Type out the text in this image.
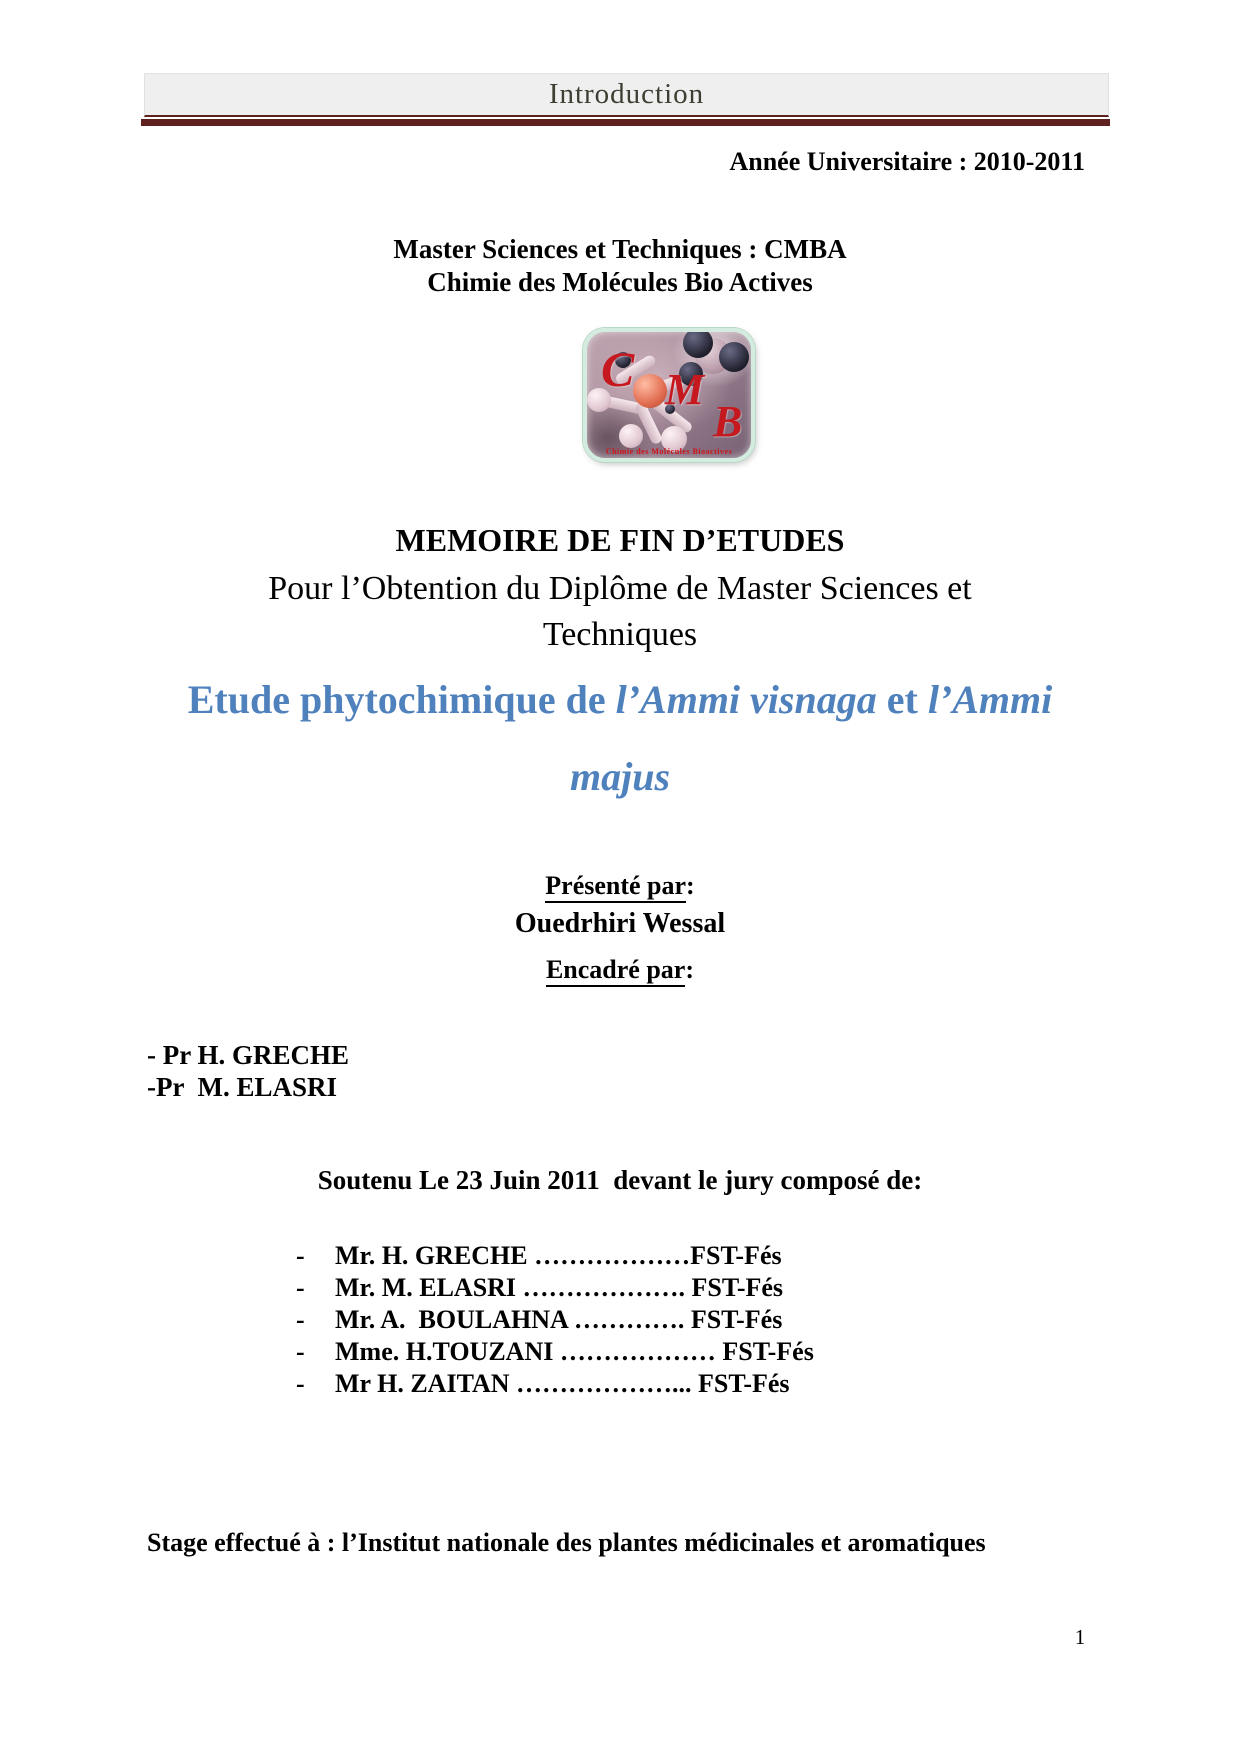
Introduction
Année Universitaire : 2010-2011
Master Sciences et Techniques : CMBA
Chimie des Molécules Bio Actives
C M
B
Chimie des Molécules Bioactives
MEMOIRE DE FIN D’ETUDES
Pour l’Obtention du Diplôme de Master Sciences et
Techniques
Etude phytochimique de l’Ammi visnaga et l’Ammi
majus
Présenté par:
Ouedrhiri Wessal
Encadré par:
- Pr H. GRECHE
-Pr  M. ELASRI
Soutenu Le 23 Juin 2011  devant le jury composé de:
-	Mr. H. GRECHE ………………FST-Fés
-	Mr. M. ELASRI ………………. FST-Fés
-	Mr. A.  BOULAHNA …………. FST-Fés
-	Mme. H.TOUZANI ……………… FST-Fés
-	Mr H. ZAITAN ………………... FST-Fés
Stage effectué à : l’Institut nationale des plantes médicinales et aromatiques
1
